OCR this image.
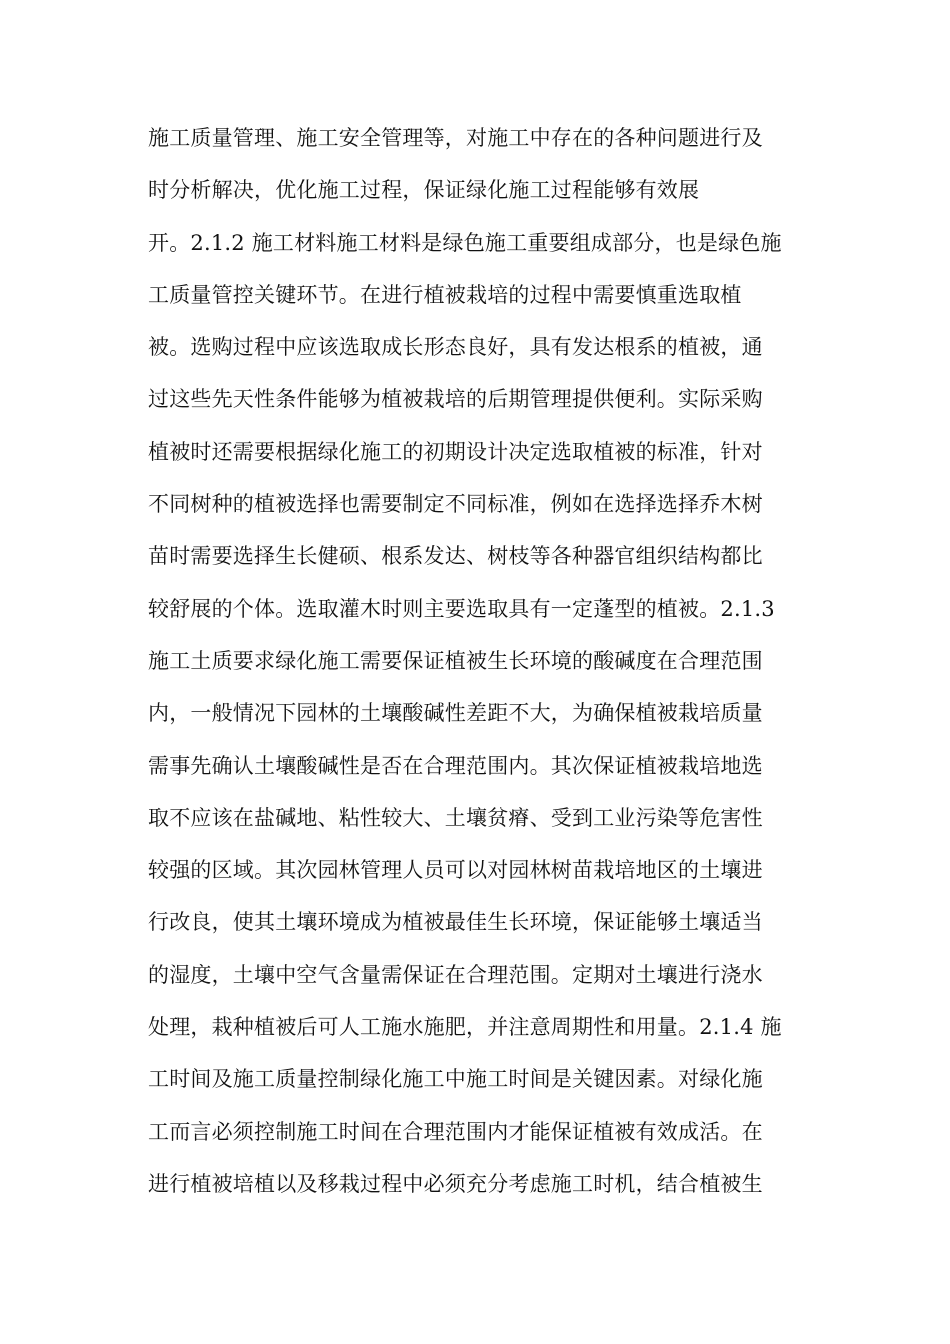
施工质量管理、施工安全管理等，对施工中存在的各种问题进行及
时分析解决，优化施工过程，保证绿化施工过程能够有效展
开。2.1.2 施工材料施工材料是绿色施工重要组成部分，也是绿色施
工质量管控关键环节。在进行植被栽培的过程中需要慎重选取植
被。选购过程中应该选取成长形态良好，具有发达根系的植被，通
过这些先天性条件能够为植被栽培的后期管理提供便利。实际采购
植被时还需要根据绿化施工的初期设计决定选取植被的标准，针对
不同树种的植被选择也需要制定不同标准，例如在选择选择乔木树
苗时需要选择生长健硕、根系发达、树枝等各种器官组织结构都比
较舒展的个体。选取灌木时则主要选取具有一定蓬型的植被。2.1.3
施工土质要求绿化施工需要保证植被生长环境的酸碱度在合理范围
内，一般情况下园林的土壤酸碱性差距不大，为确保植被栽培质量
需事先确认土壤酸碱性是否在合理范围内。其次保证植被栽培地选
取不应该在盐碱地、粘性较大、土壤贫瘠、受到工业污染等危害性
较强的区域。其次园林管理人员可以对园林树苗栽培地区的土壤进
行改良，使其土壤环境成为植被最佳生长环境，保证能够土壤适当
的湿度，土壤中空气含量需保证在合理范围。定期对土壤进行浇水
处理，栽种植被后可人工施水施肥，并注意周期性和用量。2.1.4 施
工时间及施工质量控制绿化施工中施工时间是关键因素。对绿化施
工而言必须控制施工时间在合理范围内才能保证植被有效成活。在
进行植被培植以及移栽过程中必须充分考虑施工时机，结合植被生
